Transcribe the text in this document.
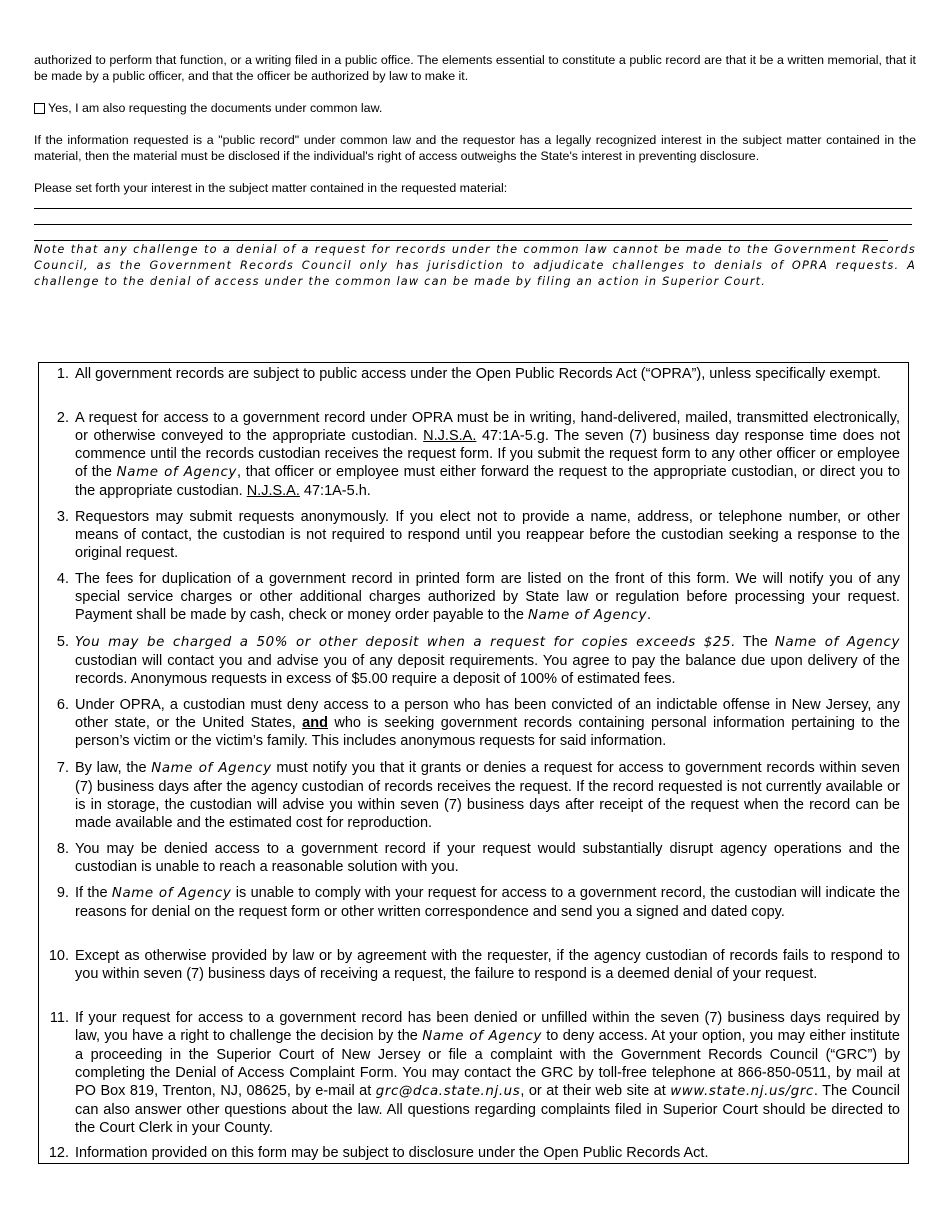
authorized to perform that function, or a writing filed in a public office. The elements essential to constitute a public record are that it be a written memorial, that it be made by a public officer, and that the officer be authorized by law to make it.

Yes, I am also requesting the documents under common law.

If the information requested is a "public record" under common law and the requestor has a legally recognized interest in the subject matter contained in the material, then the material must be disclosed if the individual's right of access outweighs the State's interest in preventing disclosure.

Please set forth your interest in the subject matter contained in the requested material:

Note that any challenge to a denial of a request for records under the common law cannot be made to the Government Records Council, as the Government Records Council only has jurisdiction to adjudicate challenges to denials of OPRA requests. A challenge to the denial of access under the common law can be made by filing an action in Superior Court.

1. All government records are subject to public access under the Open Public Records Act (“OPRA”), unless specifically exempt.
2. A request for access to a government record under OPRA must be in writing, hand-delivered, mailed, transmitted electronically, or otherwise conveyed to the appropriate custodian. N.J.S.A. 47:1A-5.g. The seven (7) business day response time does not commence until the records custodian receives the request form. If you submit the request form to any other officer or employee of the Name of Agency, that officer or employee must either forward the request to the appropriate custodian, or direct you to the appropriate custodian. N.J.S.A. 47:1A-5.h.
3. Requestors may submit requests anonymously. If you elect not to provide a name, address, or telephone number, or other means of contact, the custodian is not required to respond until you reappear before the custodian seeking a response to the original request.
4. The fees for duplication of a government record in printed form are listed on the front of this form. We will notify you of any special service charges or other additional charges authorized by State law or regulation before processing your request. Payment shall be made by cash, check or money order payable to the Name of Agency.
5. You may be charged a 50% or other deposit when a request for copies exceeds $25. The Name of Agency custodian will contact you and advise you of any deposit requirements. You agree to pay the balance due upon delivery of the records. Anonymous requests in excess of $5.00 require a deposit of 100% of estimated fees.
6. Under OPRA, a custodian must deny access to a person who has been convicted of an indictable offense in New Jersey, any other state, or the United States, and who is seeking government records containing personal information pertaining to the person’s victim or the victim’s family. This includes anonymous requests for said information.
7. By law, the Name of Agency must notify you that it grants or denies a request for access to government records within seven (7) business days after the agency custodian of records receives the request. If the record requested is not currently available or is in storage, the custodian will advise you within seven (7) business days after receipt of the request when the record can be made available and the estimated cost for reproduction.
8. You may be denied access to a government record if your request would substantially disrupt agency operations and the custodian is unable to reach a reasonable solution with you.
9. If the Name of Agency is unable to comply with your request for access to a government record, the custodian will indicate the reasons for denial on the request form or other written correspondence and send you a signed and dated copy.
10. Except as otherwise provided by law or by agreement with the requester, if the agency custodian of records fails to respond to you within seven (7) business days of receiving a request, the failure to respond is a deemed denial of your request.
11. If your request for access to a government record has been denied or unfilled within the seven (7) business days required by law, you have a right to challenge the decision by the Name of Agency to deny access. At your option, you may either institute a proceeding in the Superior Court of New Jersey or file a complaint with the Government Records Council (“GRC”) by completing the Denial of Access Complaint Form. You may contact the GRC by toll-free telephone at 866-850-0511, by mail at PO Box 819, Trenton, NJ, 08625, by e-mail at grc@dca.state.nj.us, or at their web site at www.state.nj.us/grc. The Council can also answer other questions about the law. All questions regarding complaints filed in Superior Court should be directed to the Court Clerk in your County.
12. Information provided on this form may be subject to disclosure under the Open Public Records Act.
